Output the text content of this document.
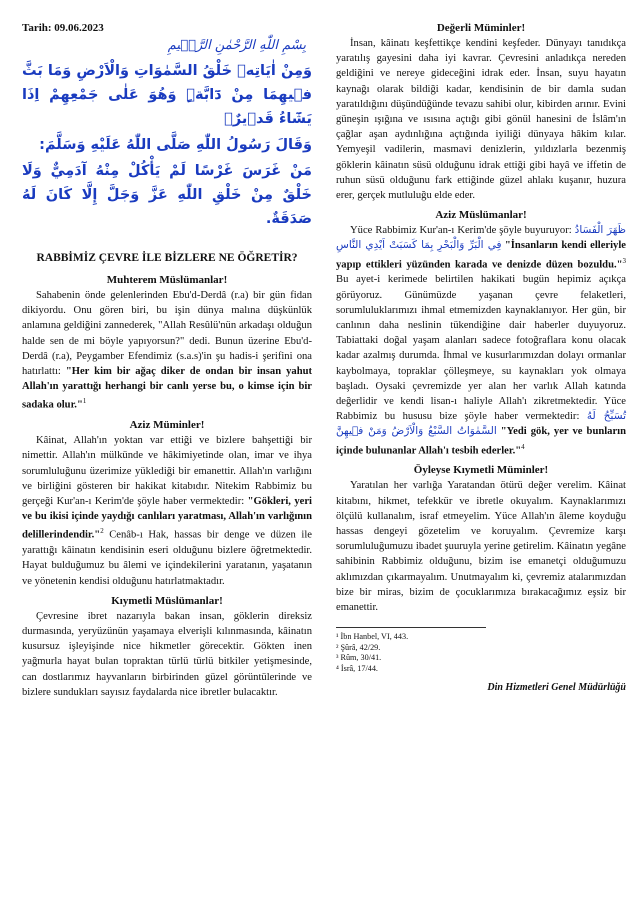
Tarih: 09.06.2023
بِسْمِ اللّٰهِ الرَّحْمٰنِ الرَّح۪يمِ
وَمِنْ اٰيَاتِه۪ خَلْقُ السَّمٰوَاتِ وَالْاَرْضِ وَمَا بَثَّ ف۪يهِمَا مِنْ دَٓابَّةٍۜ وَهُوَ عَلٰى جَمْعِهِمْ اِذَا يَشَٓاءُ قَد۪يرٌ۟
وَقَالَ رَسُولُ اللّٰهِ صَلَّى اللّٰهُ عَلَيْهِ وَسَلَّمَ:
مَنْ غَرَسَ غَرْسًا لَمْ يَأْكُلْ مِنْهُ آدَمِيٌّ وَلَا خَلْقٌ مِنْ خَلْقِ اللّٰهِ عَزَّ وَجَلَّ إِلَّا كَانَ لَهُ صَدَقَةٌ.
RABBİMİZ ÇEVRE İLE BİZLERE NE ÖĞRETİR?
Muhterem Müslümanlar!

Sahabenin önde gelenlerinden Ebu'd-Derdâ (r.a) bir gün fidan dikiyordu. Onu gören biri, bu işin dünya malına düşkünlük anlamına geldiğini zannederek, "Allah Resûlü'nün arkadaşı olduğun halde sen de mi böyle yapıyorsun?" dedi. Bunun üzerine Ebu'd-Derdâ (r.a), Peygamber Efendimiz (s.a.s)'in şu hadis-i şerifini ona hatırlattı: "Her kim bir ağaç diker de ondan bir insan yahut Allah'ın yarattığı herhangi bir canlı yerse bu, o kimse için bir sadaka olur."$^1$

Aziz Müminler!

Kâinat, Allah'ın yoktan var ettiği ve bizlere bahşettiği bir nimettir. Allah'ın mülkünde ve hâkimiyetinde olan, imar ve ihya sorumluluğunu üzerimize yüklediği bir emanettir. Allah'ın varlığını ve birliğini gösteren bir hakikat kitabıdır. Nitekim Rabbimiz bu gerçeği Kur'an-ı Kerim'de şöyle haber vermektedir: "Gökleri, yeri ve bu ikisi içinde yaydığı canlıları yaratması, Allah'ın varlığının delillerindendir."$^2$ Cenâb-ı Hak, hassas bir denge ve düzen ile yarattığı kâinatın kendisinin eseri olduğunu bizlere öğretmektedir. Hayat bulduğumuz bu âlemi ve içindekilerini yaratanın, yaşatanın ve yönetenin kendisi olduğunu hatırlatmaktadır.

Kıymetli Müslümanlar!

Çevresine ibret nazarıyla bakan insan, göklerin direksiz durmasında, yeryüzünün yaşamaya elverişli kılınmasında, kâinatın kusursuz işleyişinde nice hikmetler görecektir. Gökten inen yağmurla hayat bulan topraktan türlü türlü bitkiler yetişmesinde, can dostlarımız hayvanların birbirinden güzel görüntülerinde ve bizlere sundukları sayısız faydalarda nice ibretler bulacaktır.

Değerli Müminler!

İnsan, kâinatı keşfettikçe kendini keşfeder. Dünyayı tanıdıkça yaratılış gayesini daha iyi kavrar. Çevresini anladıkça nereden geldiğini ve nereye gideceğini idrak eder. İnsan, suyu hayatın kaynağı olarak bildiği kadar, kendisinin de bir damla sudan yaratıldığını düşündüğünde tevazu sahibi olur, kibirden arınır. Evini güneşin ışığına ve ısısına açtığı gibi gönül hanesini de İslâm'ın çağlar aşan aydınlığına açtığında iyiliği dünyaya hâkim kılar. Yemyeşil vadilerin, masmavi denizlerin, yıldızlarla bezenmiş göklerin kâinatın süsü olduğunu idrak ettiği gibi hayâ ve iffetin de ruhun süsü olduğunu fark ettiğinde güzel ahlakı kuşanır, huzura erer, gerçek mutluluğu elde eder.

Aziz Müslümanlar!

Yüce Rabbimiz Kur'an-ı Kerim'de şöyle buyuruyor: ظَهَرَ الْفَسَادُ فِي الْبَرِّ وَالْبَحْرِ بِمَا كَسَبَتْ اَيْدِي النَّاسِ "İnsanların kendi elleriyle yapıp ettikleri yüzünden karada ve denizde düzen bozuldu."$^3$ Bu ayet-i kerimede belirtilen hakikati bugün hepimiz açıkça görüyoruz. Günümüzde yaşanan çevre felaketleri, sorumluluklarımızı ihmal etmemizden kaynaklanıyor. Her gün, bir canlının daha neslinin tükendiğine dair haberler duyuyoruz. Tabiattaki doğal yaşam alanları sadece fotoğraflara konu olacak kadar azalmış durumda. İhmal ve kusurlarımızdan dolayı ormanlar kaybolmaya, topraklar çölleşmeye, su kaynakları yok olmaya başladı. Oysaki çevremizde yer alan her varlık Allah katında değerlidir ve kendi lisan-ı haliyle Allah'ı zikretmektedir. Yüce Rabbimiz bu hususu bize şöyle haber vermektedir: تُسَبِّحُ لَهُ السَّمٰوَاتُ السَّبْعُ وَالْاَرْضُ وَمَنْ ف۪يهِنَّ "Yedi gök, yer ve bunların içinde bulunanlar Allah'ı tesbih ederler."$^4$

Öyleyse Kıymetli Müminler!

Yaratılan her varlığa Yaratandan ötürü değer verelim. Kâinat kitabını, hikmet, tefekkür ve ibretle okuyalım. Kaynaklarımızı ölçülü kullanalım, israf etmeyelim. Yüce Allah'ın âleme koyduğu hassas dengeyi gözetelim ve koruyalım. Çevremize karşı sorumluluğumuzu ibadet şuuruyla yerine getirelim. Kâinatın yegâne sahibinin Rabbimiz olduğunu, bizim ise emanetçi olduğumuzu aklımızdan çıkarmayalım. Unutmayalım ki, çevremiz atalarımızdan bize bir miras, bizim de çocuklarımıza bırakacağımız eşsiz bir emanettir.

¹ İbn Hanbel, VI, 443.

² Şûrâ, 42/29.

³ Rûm, 30/41.

⁴ İsrâ, 17/44.

Din Hizmetleri Genel Müdürlüğü
